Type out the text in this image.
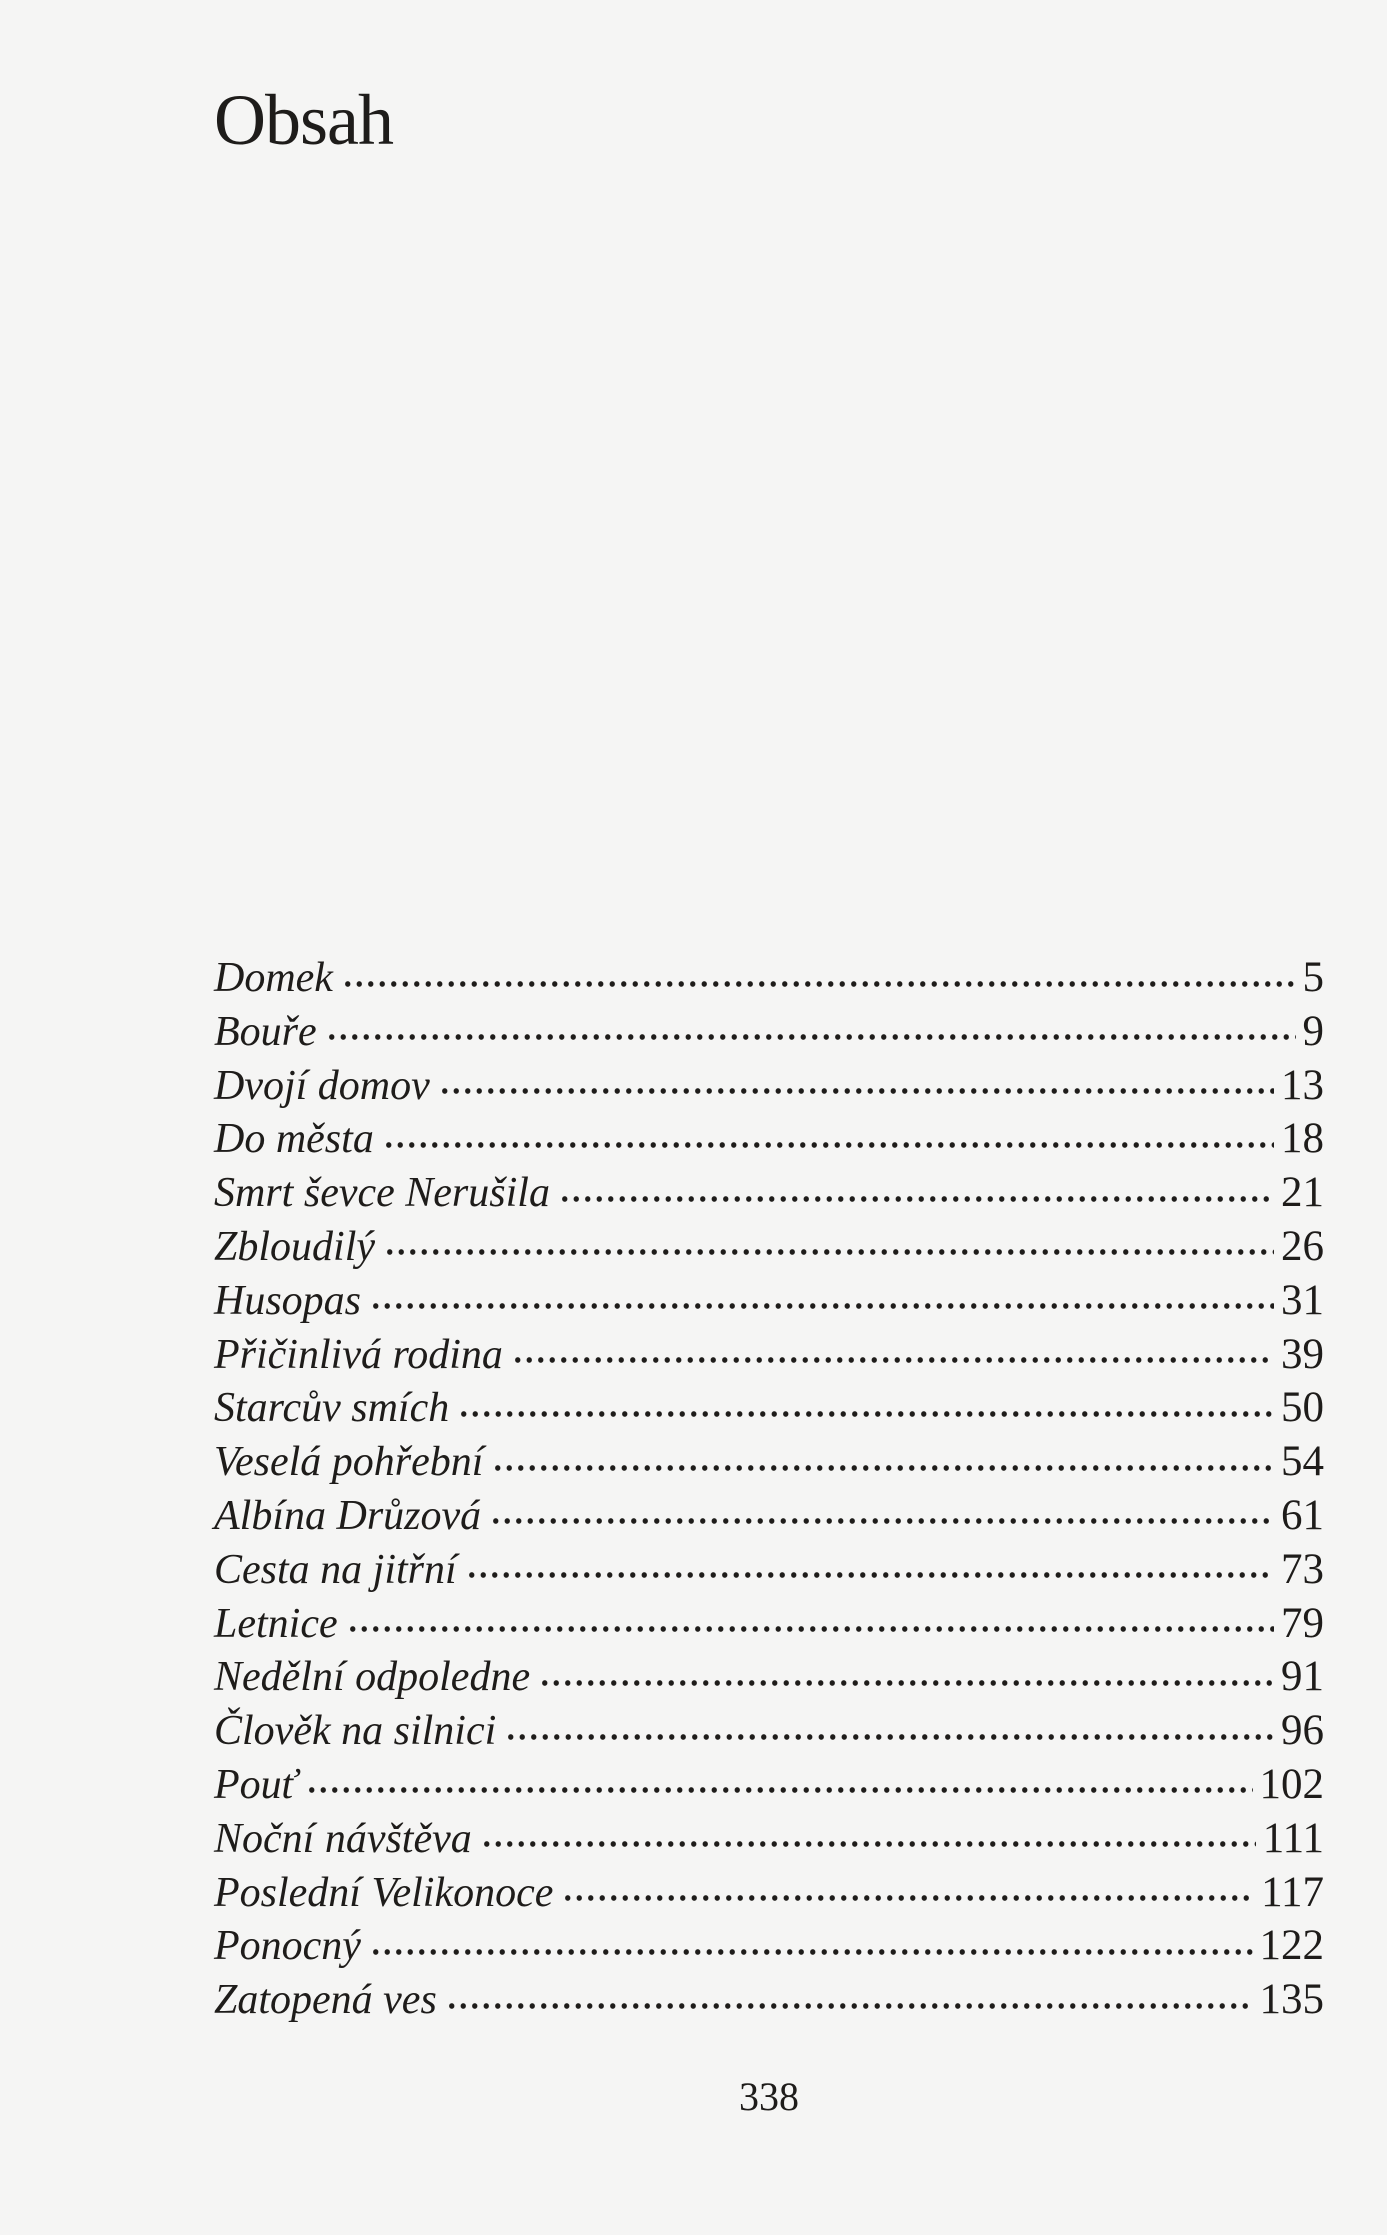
Obsah
Domek	5
Bouře	9
Dvojí domov	13
Do města	18
Smrt ševce Nerušila	21
Zbloudilý	26
Husopas	31
Přičinlivá rodina	39
Starcův smích	50
Veselá pohřební	54
Albína Drůzová	61
Cesta na jitřní	73
Letnice	79
Nedělní odpoledne	91
Člověk na silnici	96
Pouť	102
Noční návštěva	111
Poslední Velikonoce	117
Ponocný	122
Zatopená ves	135
338
